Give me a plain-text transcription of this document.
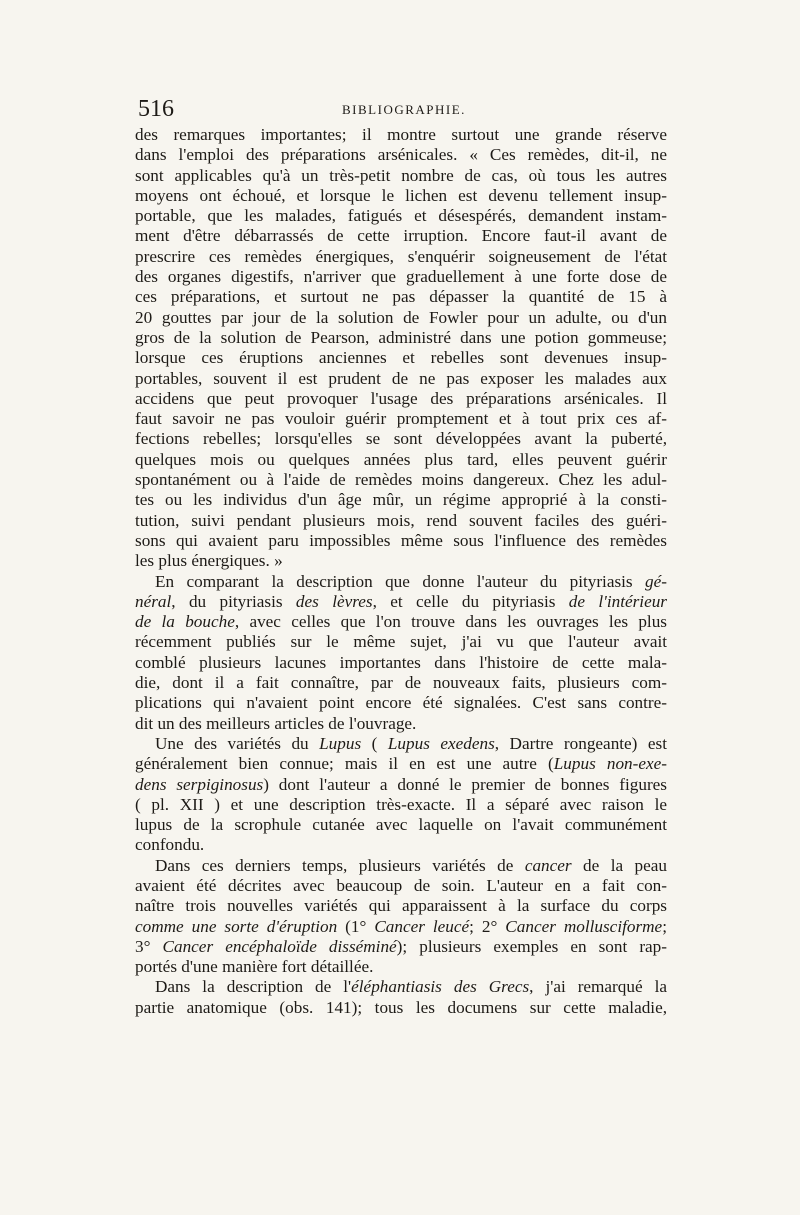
516	BIBLIOGRAPHIE.
des remarques importantes; il montre surtout une grande réserve
dans l'emploi des préparations arsénicales. « Ces remèdes, dit-il, ne
sont applicables qu'à un très-petit nombre de cas, où tous les autres
moyens ont échoué, et lorsque le lichen est devenu tellement insup-
portable, que les malades, fatigués et désespérés, demandent instam-
ment d'être débarrassés de cette irruption. Encore faut-il avant de
prescrire ces remèdes énergiques, s'enquérir soigneusement de l'état
des organes digestifs, n'arriver que graduellement à une forte dose de
ces préparations, et surtout ne pas dépasser la quantité de 15 à
20 gouttes par jour de la solution de Fowler pour un adulte, ou d'un
gros de la solution de Pearson, administré dans une potion gommeuse;
lorsque ces éruptions anciennes et rebelles sont devenues insup-
portables, souvent il est prudent de ne pas exposer les malades aux
accidens que peut provoquer l'usage des préparations arsénicales. Il
faut savoir ne pas vouloir guérir promptement et à tout prix ces af-
fections rebelles; lorsqu'elles se sont développées avant la puberté,
quelques mois ou quelques années plus tard, elles peuvent guérir
spontanément ou à l'aide de remèdes moins dangereux. Chez les adul-
tes ou les individus d'un âge mûr, un régime approprié à la consti-
tution, suivi pendant plusieurs mois, rend souvent faciles des guéri-
sons qui avaient paru impossibles même sous l'influence des remèdes
les plus énergiques. »
En comparant la description que donne l'auteur du pityriasis gé-
néral, du pityriasis des lèvres, et celle du pityriasis de l'intérieur
de la bouche, avec celles que l'on trouve dans les ouvrages les plus
récemment publiés sur le même sujet, j'ai vu que l'auteur avait
comblé plusieurs lacunes importantes dans l'histoire de cette mala-
die, dont il a fait connaître, par de nouveaux faits, plusieurs com-
plications qui n'avaient point encore été signalées. C'est sans contre-
dit un des meilleurs articles de l'ouvrage.
Une des variétés du Lupus ( Lupus exedens, Dartre rongeante) est
généralement bien connue; mais il en est une autre (Lupus non-exe-
dens serpiginosus) dont l'auteur a donné le premier de bonnes figures
( pl. XII ) et une description très-exacte. Il a séparé avec raison le
lupus de la scrophule cutanée avec laquelle on l'avait communément
confondu.
Dans ces derniers temps, plusieurs variétés de cancer de la peau
avaient été décrites avec beaucoup de soin. L'auteur en a fait con-
naître trois nouvelles variétés qui apparaissent à la surface du corps
comme une sorte d'éruption (1° Cancer leucé; 2° Cancer mollusciforme;
3° Cancer encéphaloïde disséminé); plusieurs exemples en sont rap-
portés d'une manière fort détaillée.
Dans la description de l'éléphantiasis des Grecs, j'ai remarqué la
partie anatomique (obs. 141); tous les documens sur cette maladie,
